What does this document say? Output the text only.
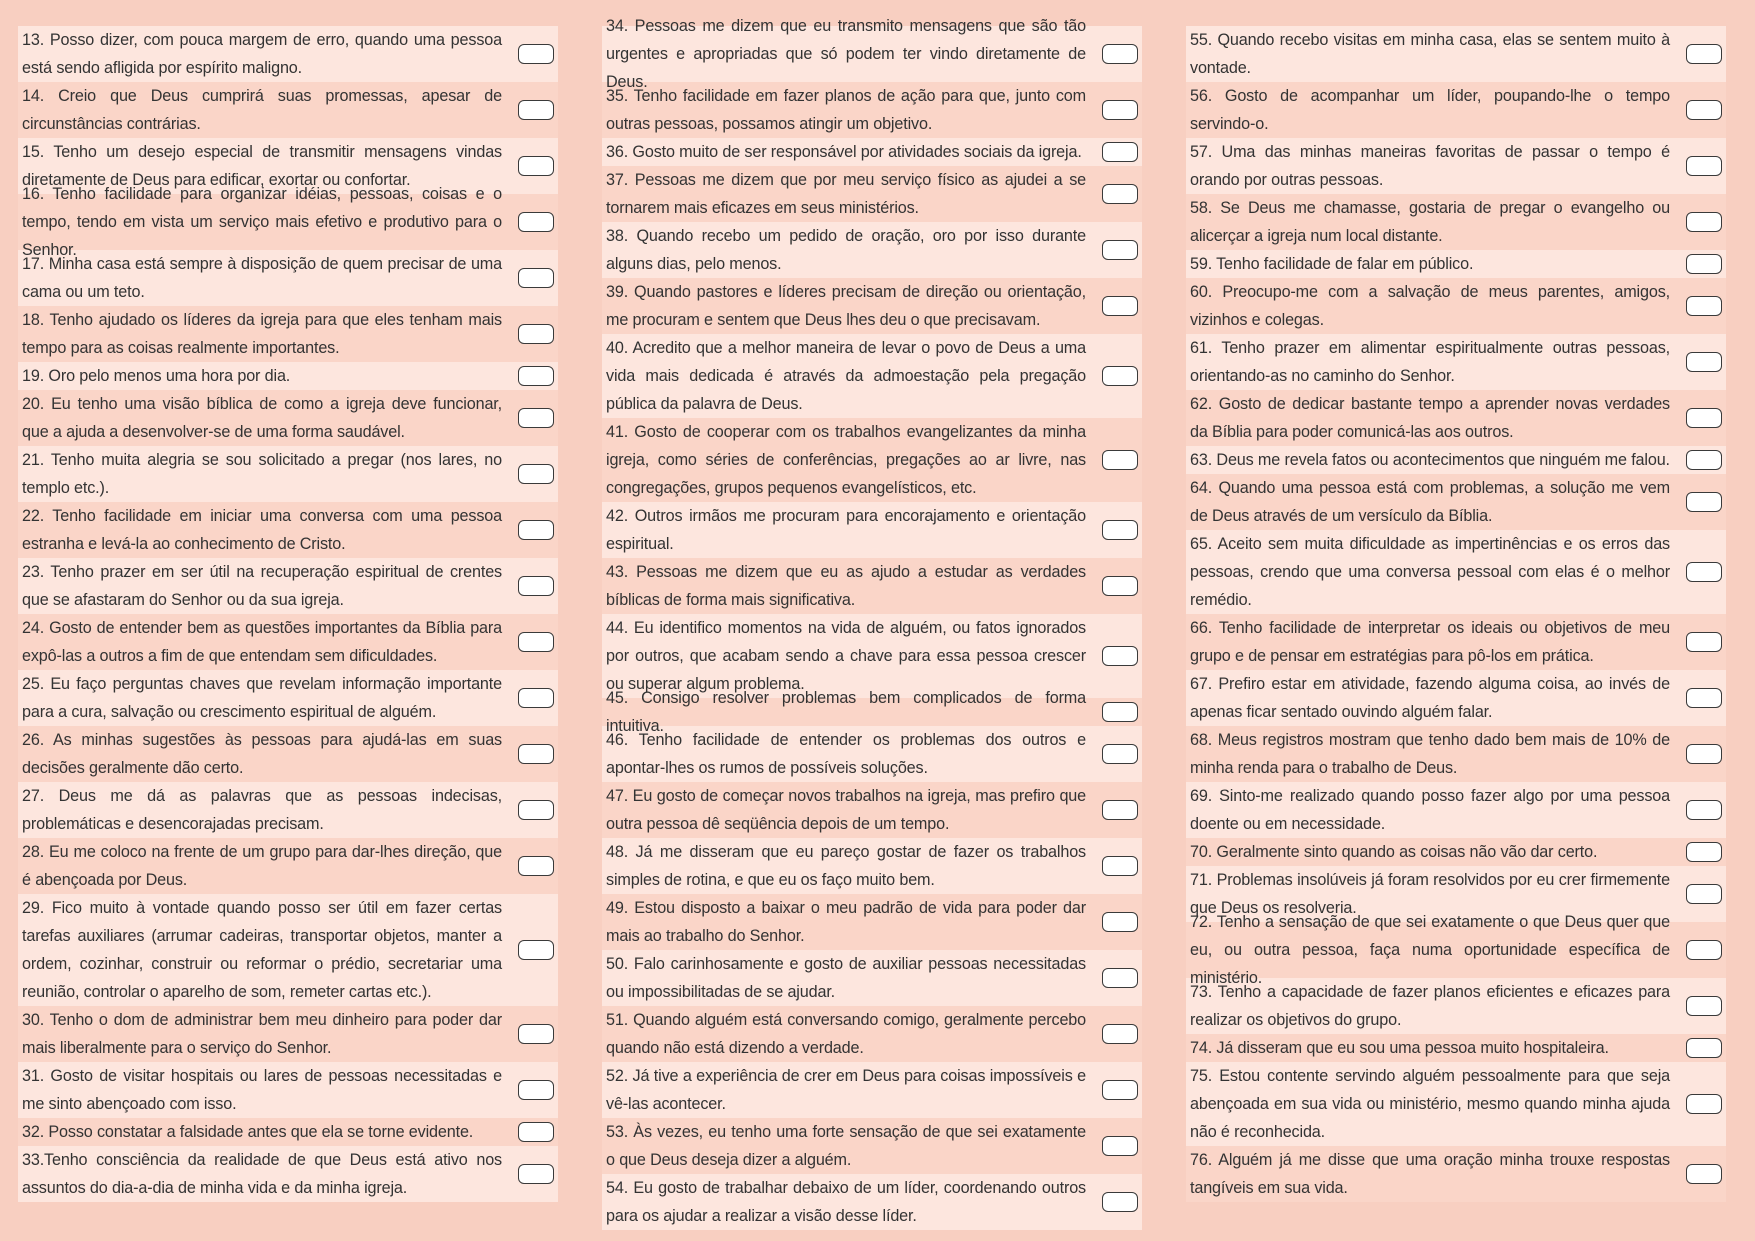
13. Posso dizer, com pouca margem de erro, quando uma pessoa está sendo afligida por espírito maligno.
14. Creio que Deus cumprirá suas promessas, apesar de circunstâncias contrárias.
15. Tenho um desejo especial de transmitir mensagens vindas diretamente de Deus para edificar, exortar ou confortar.
16. Tenho facilidade para organizar idéias, pessoas, coisas e o tempo, tendo em vista um serviço mais efetivo e produtivo para o Senhor.
17. Minha casa está sempre à disposição de quem precisar de uma cama ou um teto.
18. Tenho ajudado os líderes da igreja para que eles tenham mais tempo para as coisas realmente importantes.
19. Oro pelo menos uma hora por dia.
20. Eu tenho uma visão bíblica de como a igreja deve funcionar, que a ajuda a desenvolver-se de uma forma saudável.
21. Tenho muita alegria se sou solicitado a pregar (nos lares, no templo etc.).
22. Tenho facilidade em iniciar uma conversa com uma pessoa estranha e levá-la ao conhecimento de Cristo.
23. Tenho prazer em ser útil na recuperação espiritual de crentes que se afastaram do Senhor ou da sua igreja.
24. Gosto de entender bem as questões importantes da Bíblia para expô-las a outros a fim de que entendam sem dificuldades.
25. Eu faço perguntas chaves que revelam informação importante para a cura, salvação ou crescimento espiritual de alguém.
26. As minhas sugestões às pessoas para ajudá-las em suas decisões geralmente dão certo.
27. Deus me dá as palavras que as pessoas indecisas, problemáticas e desencorajadas precisam.
28. Eu me coloco na frente de um grupo para dar-lhes direção, que é abençoada por Deus.
29. Fico muito à vontade quando posso ser útil em fazer certas tarefas auxiliares (arrumar cadeiras, transportar objetos, manter a ordem, cozinhar, construir ou reformar o prédio, secretariar uma reunião, controlar o aparelho de som, remeter cartas etc.).
30. Tenho o dom de administrar bem meu dinheiro para poder dar mais liberalmente para o serviço do Senhor.
31. Gosto de visitar hospitais ou lares de pessoas necessitadas e me sinto abençoado com isso.
32. Posso constatar a falsidade antes que ela se torne evidente.
33.Tenho consciência da realidade de que Deus está ativo nos assuntos do dia-a-dia de minha vida e da minha igreja.
34. Pessoas me dizem que eu transmito mensagens que são tão urgentes e apropriadas que só podem ter vindo diretamente de Deus.
35. Tenho facilidade em fazer planos de ação para que, junto com outras pessoas, possamos atingir um objetivo.
36. Gosto muito de ser responsável por atividades sociais da igreja.
37. Pessoas me dizem que por meu serviço físico as ajudei a se tornarem mais eficazes em seus ministérios.
38. Quando recebo um pedido de oração, oro por isso durante alguns dias, pelo menos.
39. Quando pastores e líderes precisam de direção ou orientação, me procuram e sentem que Deus lhes deu o que precisavam.
40. Acredito que a melhor maneira de levar o povo de Deus a uma vida mais dedicada é através da admoestação pela pregação pública da palavra de Deus.
41. Gosto de cooperar com os trabalhos evangelizantes da minha igreja, como séries de conferências, pregações ao ar livre, nas congregações, grupos pequenos evangelísticos, etc.
42. Outros irmãos me procuram para encorajamento e orientação espiritual.
43. Pessoas me dizem que eu as ajudo a estudar as verdades bíblicas de forma mais significativa.
44. Eu identifico momentos na vida de alguém, ou fatos ignorados por outros, que acabam sendo a chave para essa pessoa crescer ou superar algum problema.
45. Consigo resolver problemas bem complicados de forma intuitiva.
46. Tenho facilidade de entender os problemas dos outros e apontar-lhes os rumos de possíveis soluções.
47. Eu gosto de começar novos trabalhos na igreja, mas prefiro que outra pessoa dê seqüência depois de um tempo.
48. Já me disseram que eu pareço gostar de fazer os trabalhos simples de rotina, e que eu os faço muito bem.
49. Estou disposto a baixar o meu padrão de vida para poder dar mais ao trabalho do Senhor.
50. Falo carinhosamente e gosto de auxiliar pessoas necessitadas ou impossibilitadas de se ajudar.
51. Quando alguém está conversando comigo, geralmente percebo quando não está dizendo a verdade.
52. Já tive a experiência de crer em Deus para coisas impossíveis e vê-las acontecer.
53. Às vezes, eu tenho uma forte sensação de que sei exatamente o que Deus deseja dizer a alguém.
54. Eu gosto de trabalhar debaixo de um líder, coordenando outros para os ajudar a realizar a visão desse líder.
55. Quando recebo visitas em minha casa, elas se sentem muito à vontade.
56. Gosto de acompanhar um líder, poupando-lhe o tempo servindo-o.
57. Uma das minhas maneiras favoritas de passar o tempo é orando por outras pessoas.
58. Se Deus me chamasse, gostaria de pregar o evangelho ou alicerçar a igreja num local distante.
59. Tenho facilidade de falar em público.
60. Preocupo-me com a salvação de meus parentes, amigos, vizinhos e colegas.
61. Tenho prazer em alimentar espiritualmente outras pessoas, orientando-as no caminho do Senhor.
62. Gosto de dedicar bastante tempo a aprender novas verdades da Bíblia para poder comunicá-las aos outros.
63. Deus me revela fatos ou acontecimentos que ninguém me falou.
64. Quando uma pessoa está com problemas, a solução me vem de Deus através de um versículo da Bíblia.
65. Aceito sem muita dificuldade as impertinências e os erros das pessoas, crendo que uma conversa pessoal com elas é o melhor remédio.
66. Tenho facilidade de interpretar os ideais ou objetivos de meu grupo e de pensar em estratégias para pô-los em prática.
67. Prefiro estar em atividade, fazendo alguma coisa, ao invés de apenas ficar sentado ouvindo alguém falar.
68. Meus registros mostram que tenho dado bem mais de 10% de minha renda para o trabalho de Deus.
69. Sinto-me realizado quando posso fazer algo por uma pessoa doente ou em necessidade.
70. Geralmente sinto quando as coisas não vão dar certo.
71. Problemas insolúveis já foram resolvidos por eu crer firmemente que Deus os resolveria.
72. Tenho a sensação de que sei exatamente o que Deus quer que eu, ou outra pessoa, faça numa oportunidade específica de ministério.
73. Tenho a capacidade de fazer planos eficientes e eficazes para realizar os objetivos do grupo.
74. Já disseram que eu sou uma pessoa muito hospitaleira.
75. Estou contente servindo alguém pessoalmente para que seja abençoada em sua vida ou ministério, mesmo quando minha ajuda não é reconhecida.
76. Alguém já me disse que uma oração minha trouxe respostas tangíveis em sua vida.
